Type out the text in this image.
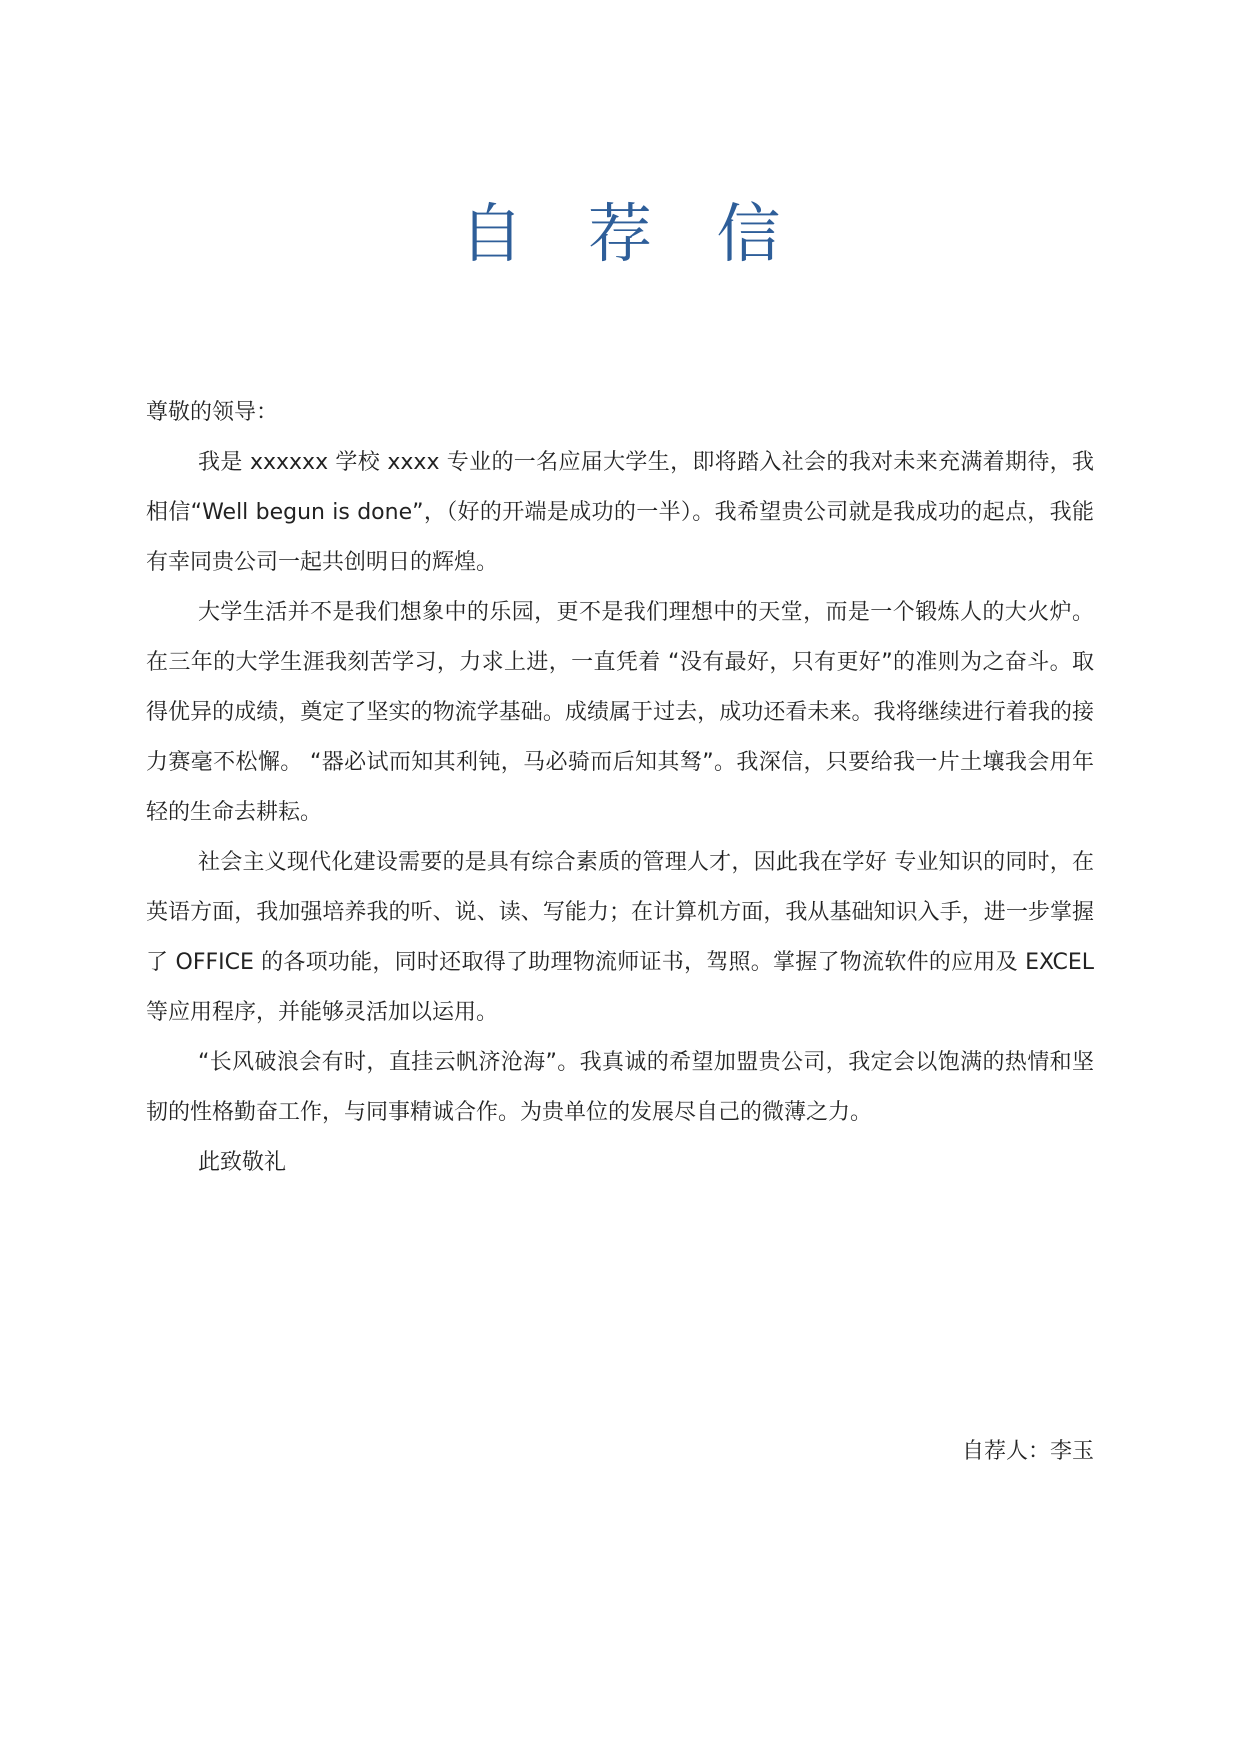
自 荐 信

尊敬的领导：

我是 xxxxxx 学校 xxxx 专业的一名应届大学生，即将踏入社会的我对未来充满着期待，我相信“Well begun is done”，（好的开端是成功的一半）。我希望贵公司就是我成功的起点，我能有幸同贵公司一起共创明日的辉煌。

大学生活并不是我们想象中的乐园，更不是我们理想中的天堂，而是一个锻炼人的大火炉。在三年的大学生涯我刻苦学习，力求上进，一直凭着 “没有最好，只有更好”的准则为之奋斗。取得优异的成绩，奠定了坚实的物流学基础。成绩属于过去，成功还看未来。我将继续进行着我的接力赛毫不松懈。 “器必试而知其利钝，马必骑而后知其驽”。我深信，只要给我一片土壤我会用年轻的生命去耕耘。

社会主义现代化建设需要的是具有综合素质的管理人才，因此我在学好 专业知识的同时，在英语方面，我加强培养我的听、说、读、写能力；在计算机方面，我从基础知识入手，进一步掌握了 OFFICE 的各项功能，同时还取得了助理物流师证书，驾照。掌握了物流软件的应用及 EXCEL 等应用程序，并能够灵活加以运用。

“长风破浪会有时，直挂云帆济沧海”。我真诚的希望加盟贵公司，我定会以饱满的热情和坚韧的性格勤奋工作，与同事精诚合作。为贵单位的发展尽自己的微薄之力。

此致敬礼

自荐人：李玉
